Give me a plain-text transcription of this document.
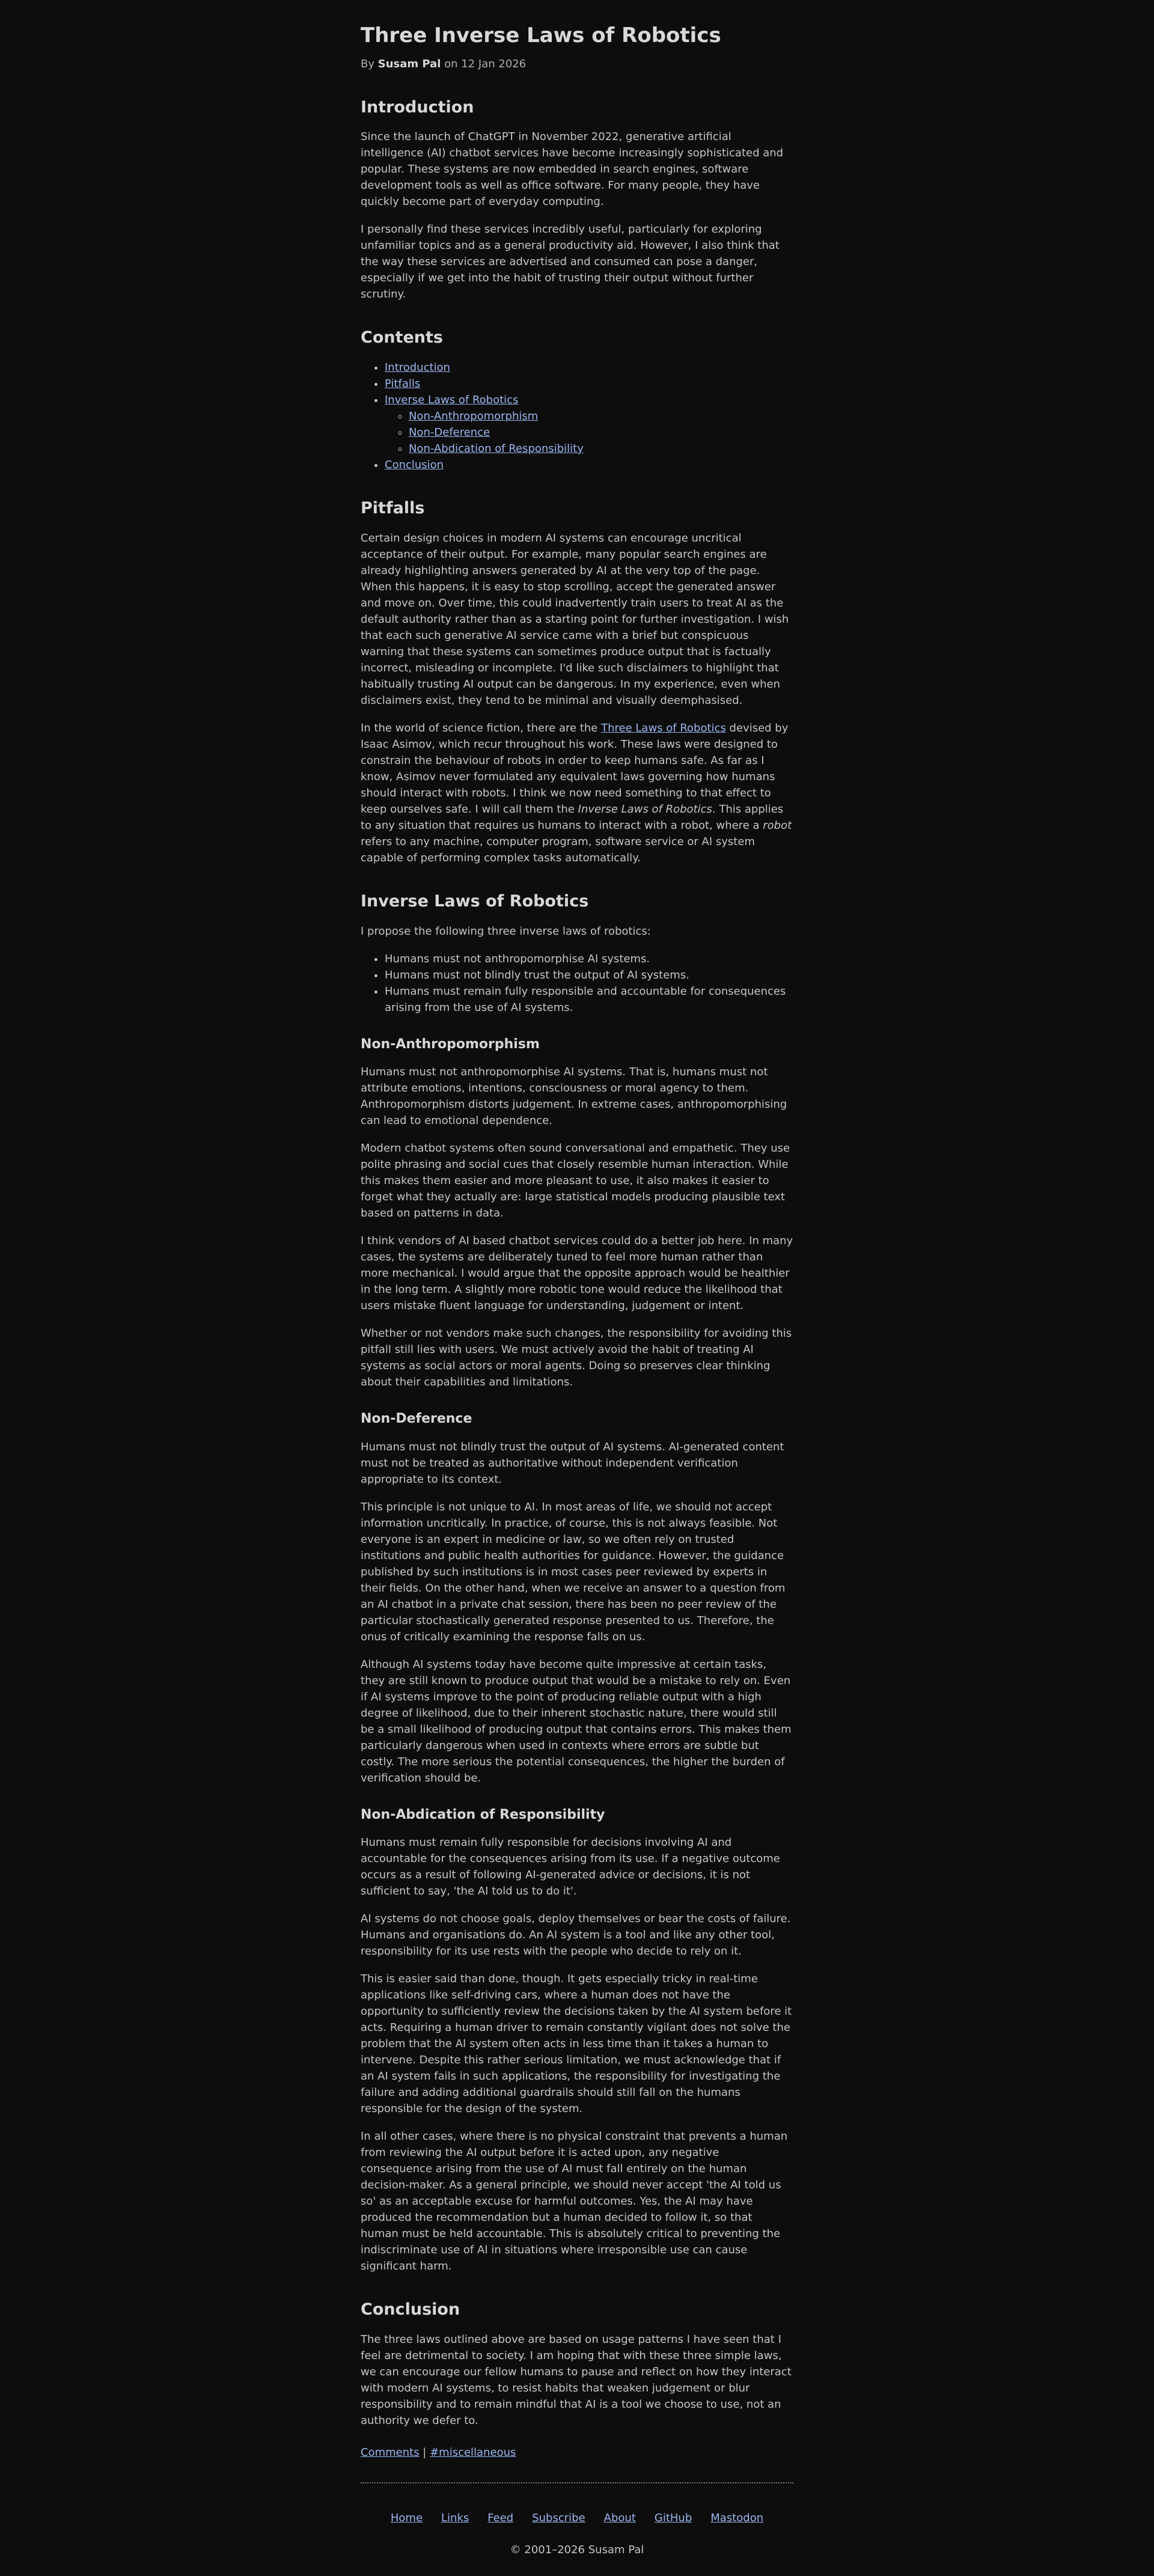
Three Inverse Laws of Robotics

By Susam Pal on 12 Jan 2026

Introduction

Since the launch of ChatGPT in November 2022, generative artificial intelligence (AI) chatbot services have become increasingly sophisticated and popular. These systems are now embedded in search engines, software development tools as well as office software. For many people, they have quickly become part of everyday computing.

I personally find these services incredibly useful, particularly for exploring unfamiliar topics and as a general productivity aid. However, I also think that the way these services are advertised and consumed can pose a danger, especially if we get into the habit of trusting their output without further scrutiny.

Contents
• Introduction
• Pitfalls
• Inverse Laws of Robotics
◦ Non-Anthropomorphism
◦ Non-Deference
◦ Non-Abdication of Responsibility
• Conclusion
Pitfalls

Certain design choices in modern AI systems can encourage uncritical acceptance of their output. For example, many popular search engines are already highlighting answers generated by AI at the very top of the page. When this happens, it is easy to stop scrolling, accept the generated answer and move on. Over time, this could inadvertently train users to treat AI as the default authority rather than as a starting point for further investigation. I wish that each such generative AI service came with a brief but conspicuous warning that these systems can sometimes produce output that is factually incorrect, misleading or incomplete. I'd like such disclaimers to highlight that habitually trusting AI output can be dangerous. In my experience, even when disclaimers exist, they tend to be minimal and visually deemphasised.

In the world of science fiction, there are the Three Laws of Robotics devised by Isaac Asimov, which recur throughout his work. These laws were designed to constrain the behaviour of robots in order to keep humans safe. As far as I know, Asimov never formulated any equivalent laws governing how humans should interact with robots. I think we now need something to that effect to keep ourselves safe. I will call them the Inverse Laws of Robotics. This applies to any situation that requires us humans to interact with a robot, where a robot refers to any machine, computer program, software service or AI system capable of performing complex tasks automatically.

Inverse Laws of Robotics

I propose the following three inverse laws of robotics:

• Humans must not anthropomorphise AI systems.
• Humans must not blindly trust the output of AI systems.
• Humans must remain fully responsible and accountable for consequences arising from the use of AI systems.
Non-Anthropomorphism

Humans must not anthropomorphise AI systems. That is, humans must not attribute emotions, intentions, consciousness or moral agency to them. Anthropomorphism distorts judgement. In extreme cases, anthropomorphising can lead to emotional dependence.

Modern chatbot systems often sound conversational and empathetic. They use polite phrasing and social cues that closely resemble human interaction. While this makes them easier and more pleasant to use, it also makes it easier to forget what they actually are: large statistical models producing plausible text based on patterns in data.

I think vendors of AI based chatbot services could do a better job here. In many cases, the systems are deliberately tuned to feel more human rather than more mechanical. I would argue that the opposite approach would be healthier in the long term. A slightly more robotic tone would reduce the likelihood that users mistake fluent language for understanding, judgement or intent.

Whether or not vendors make such changes, the responsibility for avoiding this pitfall still lies with users. We must actively avoid the habit of treating AI systems as social actors or moral agents. Doing so preserves clear thinking about their capabilities and limitations.

Non-Deference

Humans must not blindly trust the output of AI systems. AI-generated content must not be treated as authoritative without independent verification appropriate to its context.

This principle is not unique to AI. In most areas of life, we should not accept information uncritically. In practice, of course, this is not always feasible. Not everyone is an expert in medicine or law, so we often rely on trusted institutions and public health authorities for guidance. However, the guidance published by such institutions is in most cases peer reviewed by experts in their fields. On the other hand, when we receive an answer to a question from an AI chatbot in a private chat session, there has been no peer review of the particular stochastically generated response presented to us. Therefore, the onus of critically examining the response falls on us.

Although AI systems today have become quite impressive at certain tasks, they are still known to produce output that would be a mistake to rely on. Even if AI systems improve to the point of producing reliable output with a high degree of likelihood, due to their inherent stochastic nature, there would still be a small likelihood of producing output that contains errors. This makes them particularly dangerous when used in contexts where errors are subtle but costly. The more serious the potential consequences, the higher the burden of verification should be.

Non-Abdication of Responsibility

Humans must remain fully responsible for decisions involving AI and accountable for the consequences arising from its use. If a negative outcome occurs as a result of following AI-generated advice or decisions, it is not sufficient to say, 'the AI told us to do it'.

AI systems do not choose goals, deploy themselves or bear the costs of failure. Humans and organisations do. An AI system is a tool and like any other tool, responsibility for its use rests with the people who decide to rely on it.

This is easier said than done, though. It gets especially tricky in real-time applications like self-driving cars, where a human does not have the opportunity to sufficiently review the decisions taken by the AI system before it acts. Requiring a human driver to remain constantly vigilant does not solve the problem that the AI system often acts in less time than it takes a human to intervene. Despite this rather serious limitation, we must acknowledge that if an AI system fails in such applications, the responsibility for investigating the failure and adding additional guardrails should still fall on the humans responsible for the design of the system.

In all other cases, where there is no physical constraint that prevents a human from reviewing the AI output before it is acted upon, any negative consequence arising from the use of AI must fall entirely on the human decision-maker. As a general principle, we should never accept 'the AI told us so' as an acceptable excuse for harmful outcomes. Yes, the AI may have produced the recommendation but a human decided to follow it, so that human must be held accountable. This is absolutely critical to preventing the indiscriminate use of AI in situations where irresponsible use can cause significant harm.

Conclusion

The three laws outlined above are based on usage patterns I have seen that I feel are detrimental to society. I am hoping that with these three simple laws, we can encourage our fellow humans to pause and reflect on how they interact with modern AI systems, to resist habits that weaken judgement or blur responsibility and to remain mindful that AI is a tool we choose to use, not an authority we defer to.

Comments | #miscellaneous

Home Links Feed Subscribe About GitHub Mastodon

© 2001–2026 Susam Pal
